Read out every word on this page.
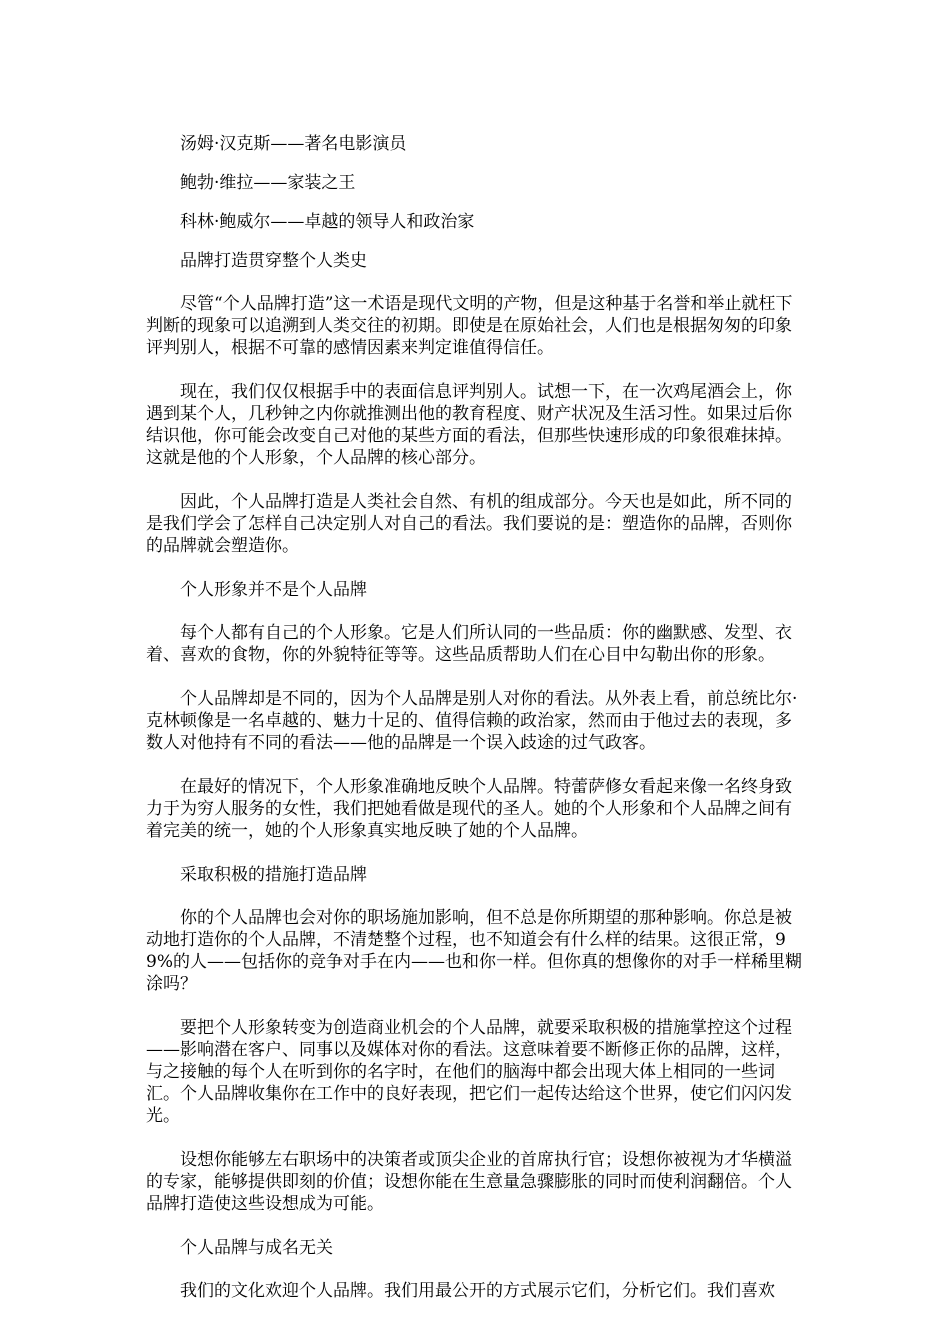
汤姆·汉克斯——著名电影演员

鲍勃·维拉——家装之王

科林·鲍威尔——卓越的领导人和政治家

品牌打造贯穿整个人类史

尽管“个人品牌打造”这一术语是现代文明的产物，但是这种基于名誉和举止就枉下判断的现象可以追溯到人类交往的初期。即使是在原始社会，人们也是根据匆匆的印象评判别人，根据不可靠的感情因素来判定谁值得信任。

现在，我们仅仅根据手中的表面信息评判别人。试想一下，在一次鸡尾酒会上，你遇到某个人，几秒钟之内你就推测出他的教育程度、财产状况及生活习性。如果过后你结识他，你可能会改变自己对他的某些方面的看法，但那些快速形成的印象很难抹掉。这就是他的个人形象，个人品牌的核心部分。

因此，个人品牌打造是人类社会自然、有机的组成部分。今天也是如此，所不同的是我们学会了怎样自己决定别人对自己的看法。我们要说的是：塑造你的品牌，否则你的品牌就会塑造你。

个人形象并不是个人品牌

每个人都有自己的个人形象。它是人们所认同的一些品质：你的幽默感、发型、衣着、喜欢的食物，你的外貌特征等等。这些品质帮助人们在心目中勾勒出你的形象。

个人品牌却是不同的，因为个人品牌是别人对你的看法。从外表上看，前总统比尔·克林顿像是一名卓越的、魅力十足的、值得信赖的政治家，然而由于他过去的表现，多数人对他持有不同的看法——他的品牌是一个误入歧途的过气政客。

在最好的情况下，个人形象准确地反映个人品牌。特蕾萨修女看起来像一名终身致力于为穷人服务的女性，我们把她看做是现代的圣人。她的个人形象和个人品牌之间有着完美的统一，她的个人形象真实地反映了她的个人品牌。

采取积极的措施打造品牌

你的个人品牌也会对你的职场施加影响，但不总是你所期望的那种影响。你总是被动地打造你的个人品牌，不清楚整个过程，也不知道会有什么样的结果。这很正常，99%的人——包括你的竞争对手在内——也和你一样。但你真的想像你的对手一样稀里糊涂吗？

要把个人形象转变为创造商业机会的个人品牌，就要采取积极的措施掌控这个过程——影响潜在客户、同事以及媒体对你的看法。这意味着要不断修正你的品牌，这样，与之接触的每个人在听到你的名字时，在他们的脑海中都会出现大体上相同的一些词汇。个人品牌收集你在工作中的良好表现，把它们一起传达给这个世界，使它们闪闪发光。

设想你能够左右职场中的决策者或顶尖企业的首席执行官；设想你被视为才华横溢的专家，能够提供即刻的价值；设想你能在生意量急骤膨胀的同时而使利润翻倍。个人品牌打造使这些设想成为可能。

个人品牌与成名无关

我们的文化欢迎个人品牌。我们用最公开的方式展示它们，分析它们。我们喜欢
